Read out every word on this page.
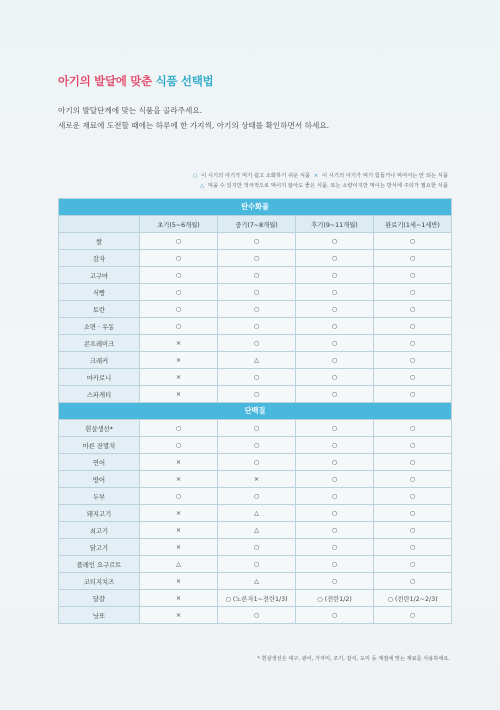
아기의 발달에 맞춘 식품 선택법
아기의 발달단계에 맞는 식품을 골라주세요.
새로운 재료에 도전할 때에는 하루에 한 가지씩, 아기의 상태를 확인하면서 하세요.
○ 이 시기의 아기가 먹기 쉽고 소화하기 쉬운 식품 × 이 시기의 아기가 먹기 힘들거나 먹여서는 안 되는 식품
△ 먹을 수 있지만 적극적으로 먹이지 않아도 좋은 식품, 또는 소량이지만 먹이는 방식에 주의가 필요한 식품
탄수화물				
	초기(5~6개월)	중기(7~8개월)	후기(9~11개월)	완료기(1세~1세반)
쌀	○	○	○	○
감자	○	○	○	○
고구마	○	○	○	○
식빵	○	○	○	○
토란	○	○	○	○
소면 · 우동	○	○	○	○
콘프레이크	×	○	○	○
크래커	×	△	○	○
마카로니	×	○	○	○
스파게티	×	○	○	○
단백질				
흰살생선*	○	○	○	○
마른 잔멸치	○	○	○	○
연어	×	○	○	○
방어	×	×	○	○
두부	○	○	○	○
돼지고기	×	△	○	○
쇠고기	×	△	○	○
닭고기	×	○	○	○
플레인 요구르트	△	○	○	○
코티지치즈	×	△	○	○
달걀	×	○ (노른자1~전란1/3)	○ (전란1/2)	○ (전란1/2~2/3)
낫또	×	○	○	○
* 흰살생선은 대구, 광어, 가자미, 조기, 갈치, 도미 등 계절에 맞는 재료를 사용하세요.
